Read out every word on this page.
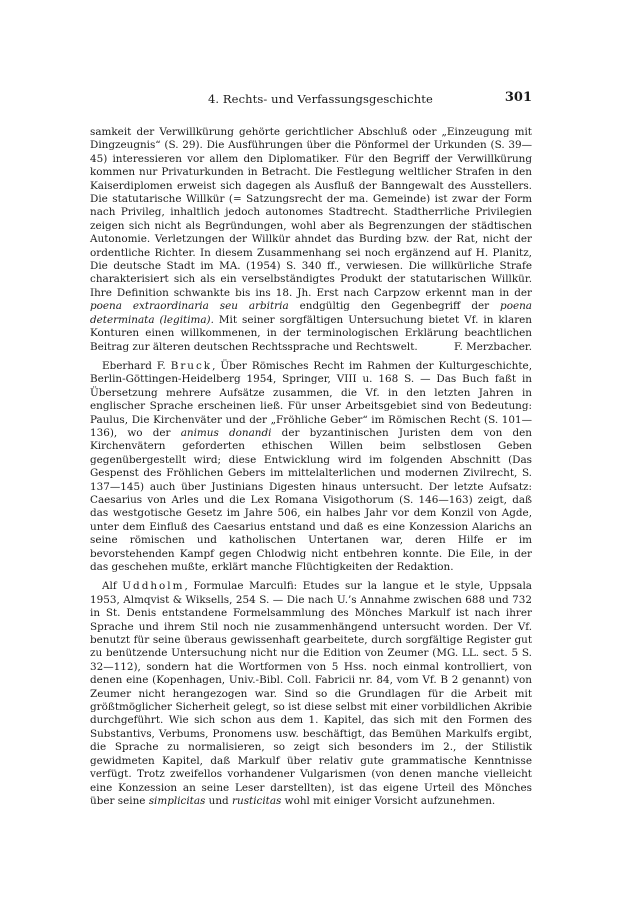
4. Rechts- und Verfassungsgeschichte	301

samkeit der Verwillkürung gehörte gerichtlicher Abschluß oder „Einzeugung mit Dingzeugnis“ (S. 29). Die Ausführungen über die Pönformel der Urkunden (S. 39—45) interessieren vor allem den Diplomatiker. Für den Begriff der Verwillkürung kommen nur Privaturkunden in Betracht. Die Festlegung weltlicher Strafen in den Kaiserdiplomen erweist sich dagegen als Ausfluß der Banngewalt des Ausstellers. Die statutarische Willkür (= Satzungsrecht der ma. Gemeinde) ist zwar der Form nach Privileg, inhaltlich jedoch autonomes Stadtrecht. Stadtherrliche Privilegien zeigen sich nicht als Begründungen, wohl aber als Begrenzungen der städtischen Autonomie. Verletzungen der Willkür ahndet das Burding bzw. der Rat, nicht der ordentliche Richter. In diesem Zusammenhang sei noch ergänzend auf H. Planitz, Die deutsche Stadt im MA. (1954) S. 340 ff., verwiesen. Die willkürliche Strafe charakterisiert sich als ein verselbständigtes Produkt der statutarischen Willkür. Ihre Definition schwankte bis ins 18. Jh. Erst nach Carpzow erkennt man in der poena extraordinaria seu arbitria endgültig den Gegenbegriff der poena determinata (legitima). Mit seiner sorgfältigen Untersuchung bietet Vf. in klaren Konturen einen willkommenen, in der terminologischen Erklärung beachtlichen Beitrag zur älteren deutschen Rechtssprache und Rechtswelt.	F. Merzbacher.

Eberhard F. Bruck, Über Römisches Recht im Rahmen der Kulturgeschichte, Berlin-Göttingen-Heidelberg 1954, Springer, VIII u. 168 S. — Das Buch faßt in Übersetzung mehrere Aufsätze zusammen, die Vf. in den letzten Jahren in englischer Sprache erscheinen ließ. Für unser Arbeitsgebiet sind von Bedeutung: Paulus, Die Kirchenväter und der „Fröhliche Geber“ im Römischen Recht (S. 101—136), wo der animus donandi der byzantinischen Juristen dem von den Kirchenvätern geforderten ethischen Willen beim selbstlosen Geben gegenübergestellt wird; diese Entwicklung wird im folgenden Abschnitt (Das Gespenst des Fröhlichen Gebers im mittelalterlichen und modernen Zivilrecht, S. 137—145) auch über Justinians Digesten hinaus untersucht. Der letzte Aufsatz: Caesarius von Arles und die Lex Romana Visigothorum (S. 146—163) zeigt, daß das westgotische Gesetz im Jahre 506, ein halbes Jahr vor dem Konzil von Agde, unter dem Einfluß des Caesarius entstand und daß es eine Konzession Alarichs an seine römischen und katholischen Untertanen war, deren Hilfe er im bevorstehenden Kampf gegen Chlodwig nicht entbehren konnte. Die Eile, in der das geschehen mußte, erklärt manche Flüchtigkeiten der Redaktion.

Alf Uddholm, Formulae Marculfi: Etudes sur la langue et le style, Uppsala 1953, Almqvist & Wiksells, 254 S. — Die nach U.’s Annahme zwischen 688 und 732 in St. Denis entstandene Formelsammlung des Mönches Markulf ist nach ihrer Sprache und ihrem Stil noch nie zusammenhängend untersucht worden. Der Vf. benutzt für seine überaus gewissenhaft gearbeitete, durch sorgfältige Register gut zu benützende Untersuchung nicht nur die Edition von Zeumer (MG. LL. sect. 5 S. 32—112), sondern hat die Wortformen von 5 Hss. noch einmal kontrolliert, von denen eine (Kopenhagen, Univ.-Bibl. Coll. Fabricii nr. 84, vom Vf. B 2 genannt) von Zeumer nicht herangezogen war. Sind so die Grundlagen für die Arbeit mit größtmöglicher Sicherheit gelegt, so ist diese selbst mit einer vorbildlichen Akribie durchgeführt. Wie sich schon aus dem 1. Kapitel, das sich mit den Formen des Substantivs, Verbums, Pronomens usw. beschäftigt, das Bemühen Markulfs ergibt, die Sprache zu normalisieren, so zeigt sich besonders im 2., der Stilistik gewidmeten Kapitel, daß Markulf über relativ gute grammatische Kenntnisse verfügt. Trotz zweifellos vorhandener Vulgarismen (von denen manche vielleicht eine Konzession an seine Leser darstellten), ist das eigene Urteil des Mönches über seine simplicitas und rusticitas wohl mit einiger Vorsicht aufzunehmen.
